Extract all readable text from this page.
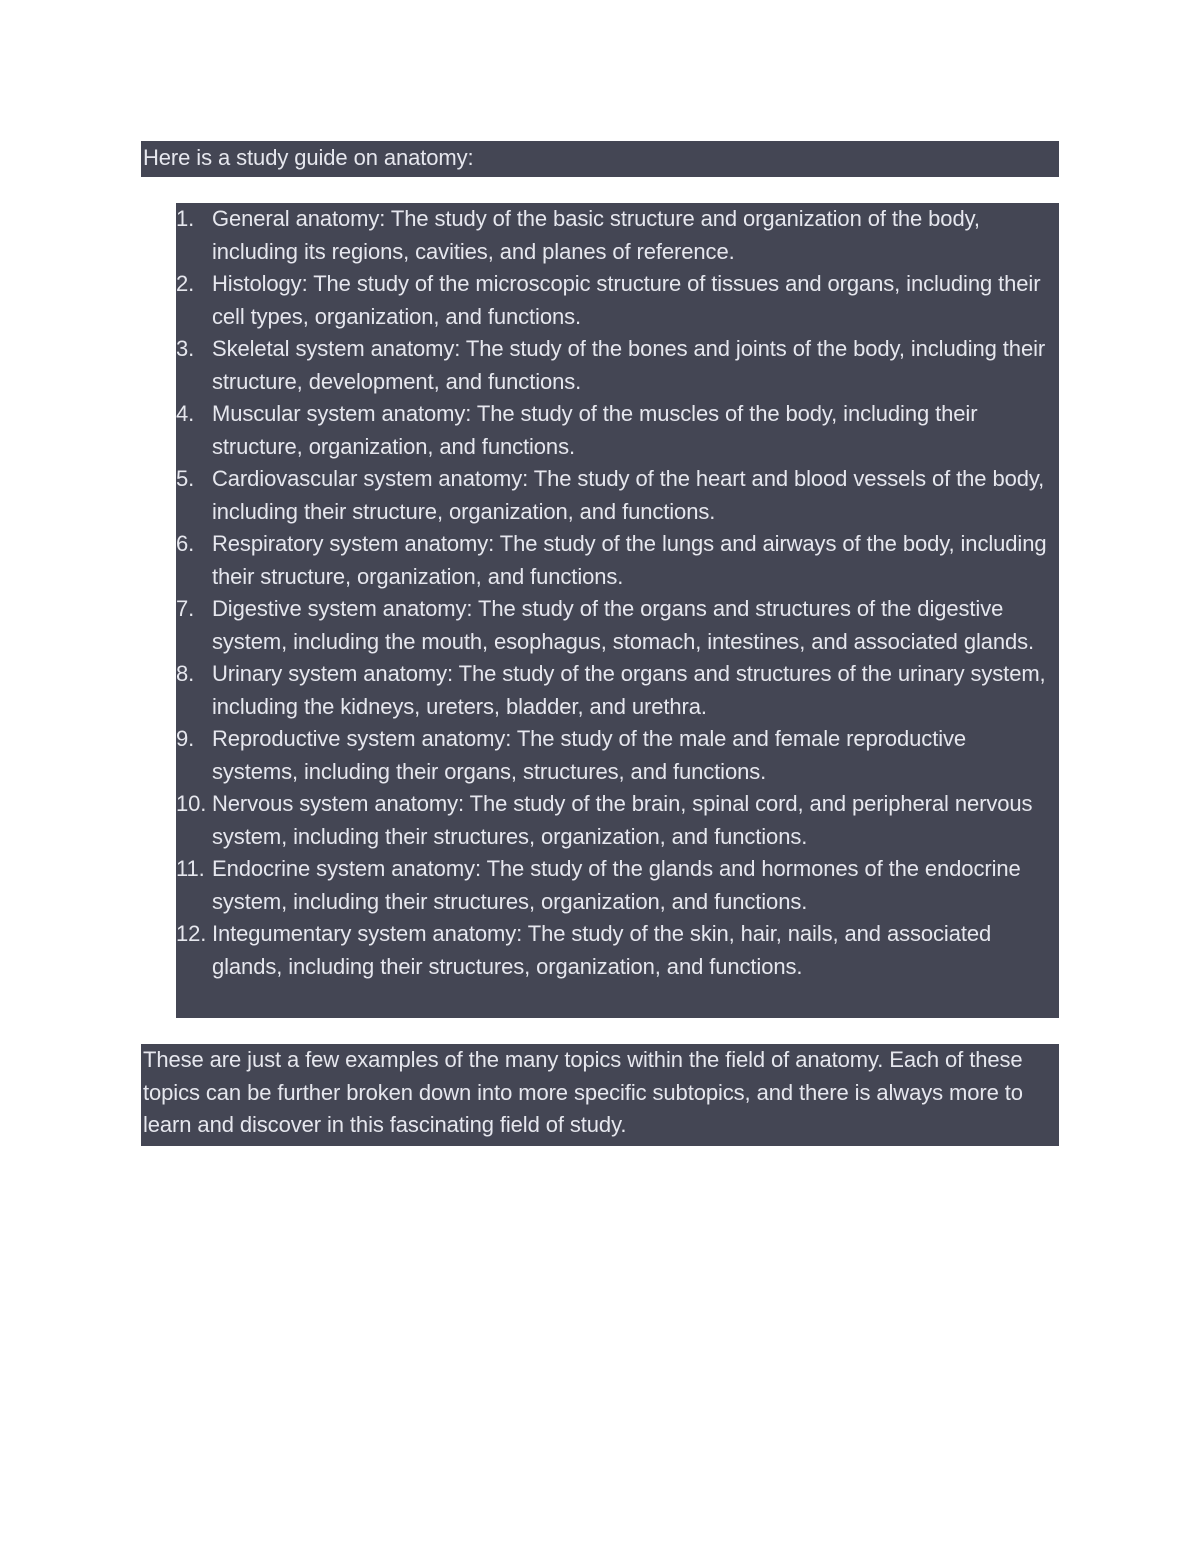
Here is a study guide on anatomy:
1. General anatomy: The study of the basic structure and organization of the body, including its regions, cavities, and planes of reference.
2. Histology: The study of the microscopic structure of tissues and organs, including their cell types, organization, and functions.
3. Skeletal system anatomy: The study of the bones and joints of the body, including their structure, development, and functions.
4. Muscular system anatomy: The study of the muscles of the body, including their structure, organization, and functions.
5. Cardiovascular system anatomy: The study of the heart and blood vessels of the body, including their structure, organization, and functions.
6. Respiratory system anatomy: The study of the lungs and airways of the body, including their structure, organization, and functions.
7. Digestive system anatomy: The study of the organs and structures of the digestive system, including the mouth, esophagus, stomach, intestines, and associated glands.
8. Urinary system anatomy: The study of the organs and structures of the urinary system, including the kidneys, ureters, bladder, and urethra.
9. Reproductive system anatomy: The study of the male and female reproductive systems, including their organs, structures, and functions.
10. Nervous system anatomy: The study of the brain, spinal cord, and peripheral nervous system, including their structures, organization, and functions.
11. Endocrine system anatomy: The study of the glands and hormones of the endocrine system, including their structures, organization, and functions.
12. Integumentary system anatomy: The study of the skin, hair, nails, and associated glands, including their structures, organization, and functions.
These are just a few examples of the many topics within the field of anatomy. Each of these topics can be further broken down into more specific subtopics, and there is always more to learn and discover in this fascinating field of study.
